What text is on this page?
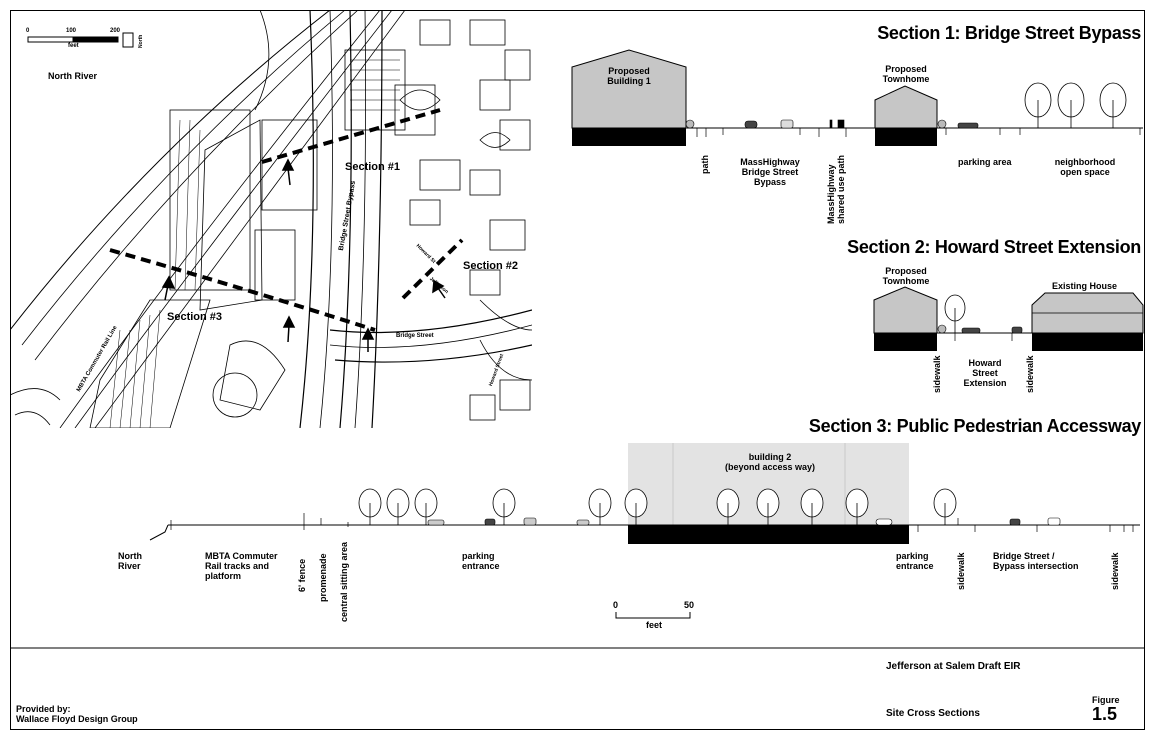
0	100	200
feet	North
North River
Section #1
Section #2
Section #3
Bridge Street Bypass
MBTA Commuter Rail Line
Howard St
Jefferson
Bridge Street
Howard Street
Section 1: Bridge Street Bypass
Proposed
Building 1
Proposed
Townhome
path	MassHighway
Bridge Street
Bypass	MassHighway
shared use path	parking area	neighborhood
open space
Section 2: Howard Street Extension
Proposed
Townhome	Existing House
sidewalk	Howard
Street
Extension	sidewalk
Section 3: Public Pedestrian Accessway
building 2
(beyond access way)
North
River
MBTA Commuter
Rail tracks and
platform	6' fence promenade central sitting area	parking
entrance
parking
entrance sidewalk	Bridge Street /
Bypass intersection	sidewalk
0	50
feet
Provided by:
Wallace Floyd Design Group
Jefferson at Salem Draft EIR
Site Cross Sections
Figure
1.5
